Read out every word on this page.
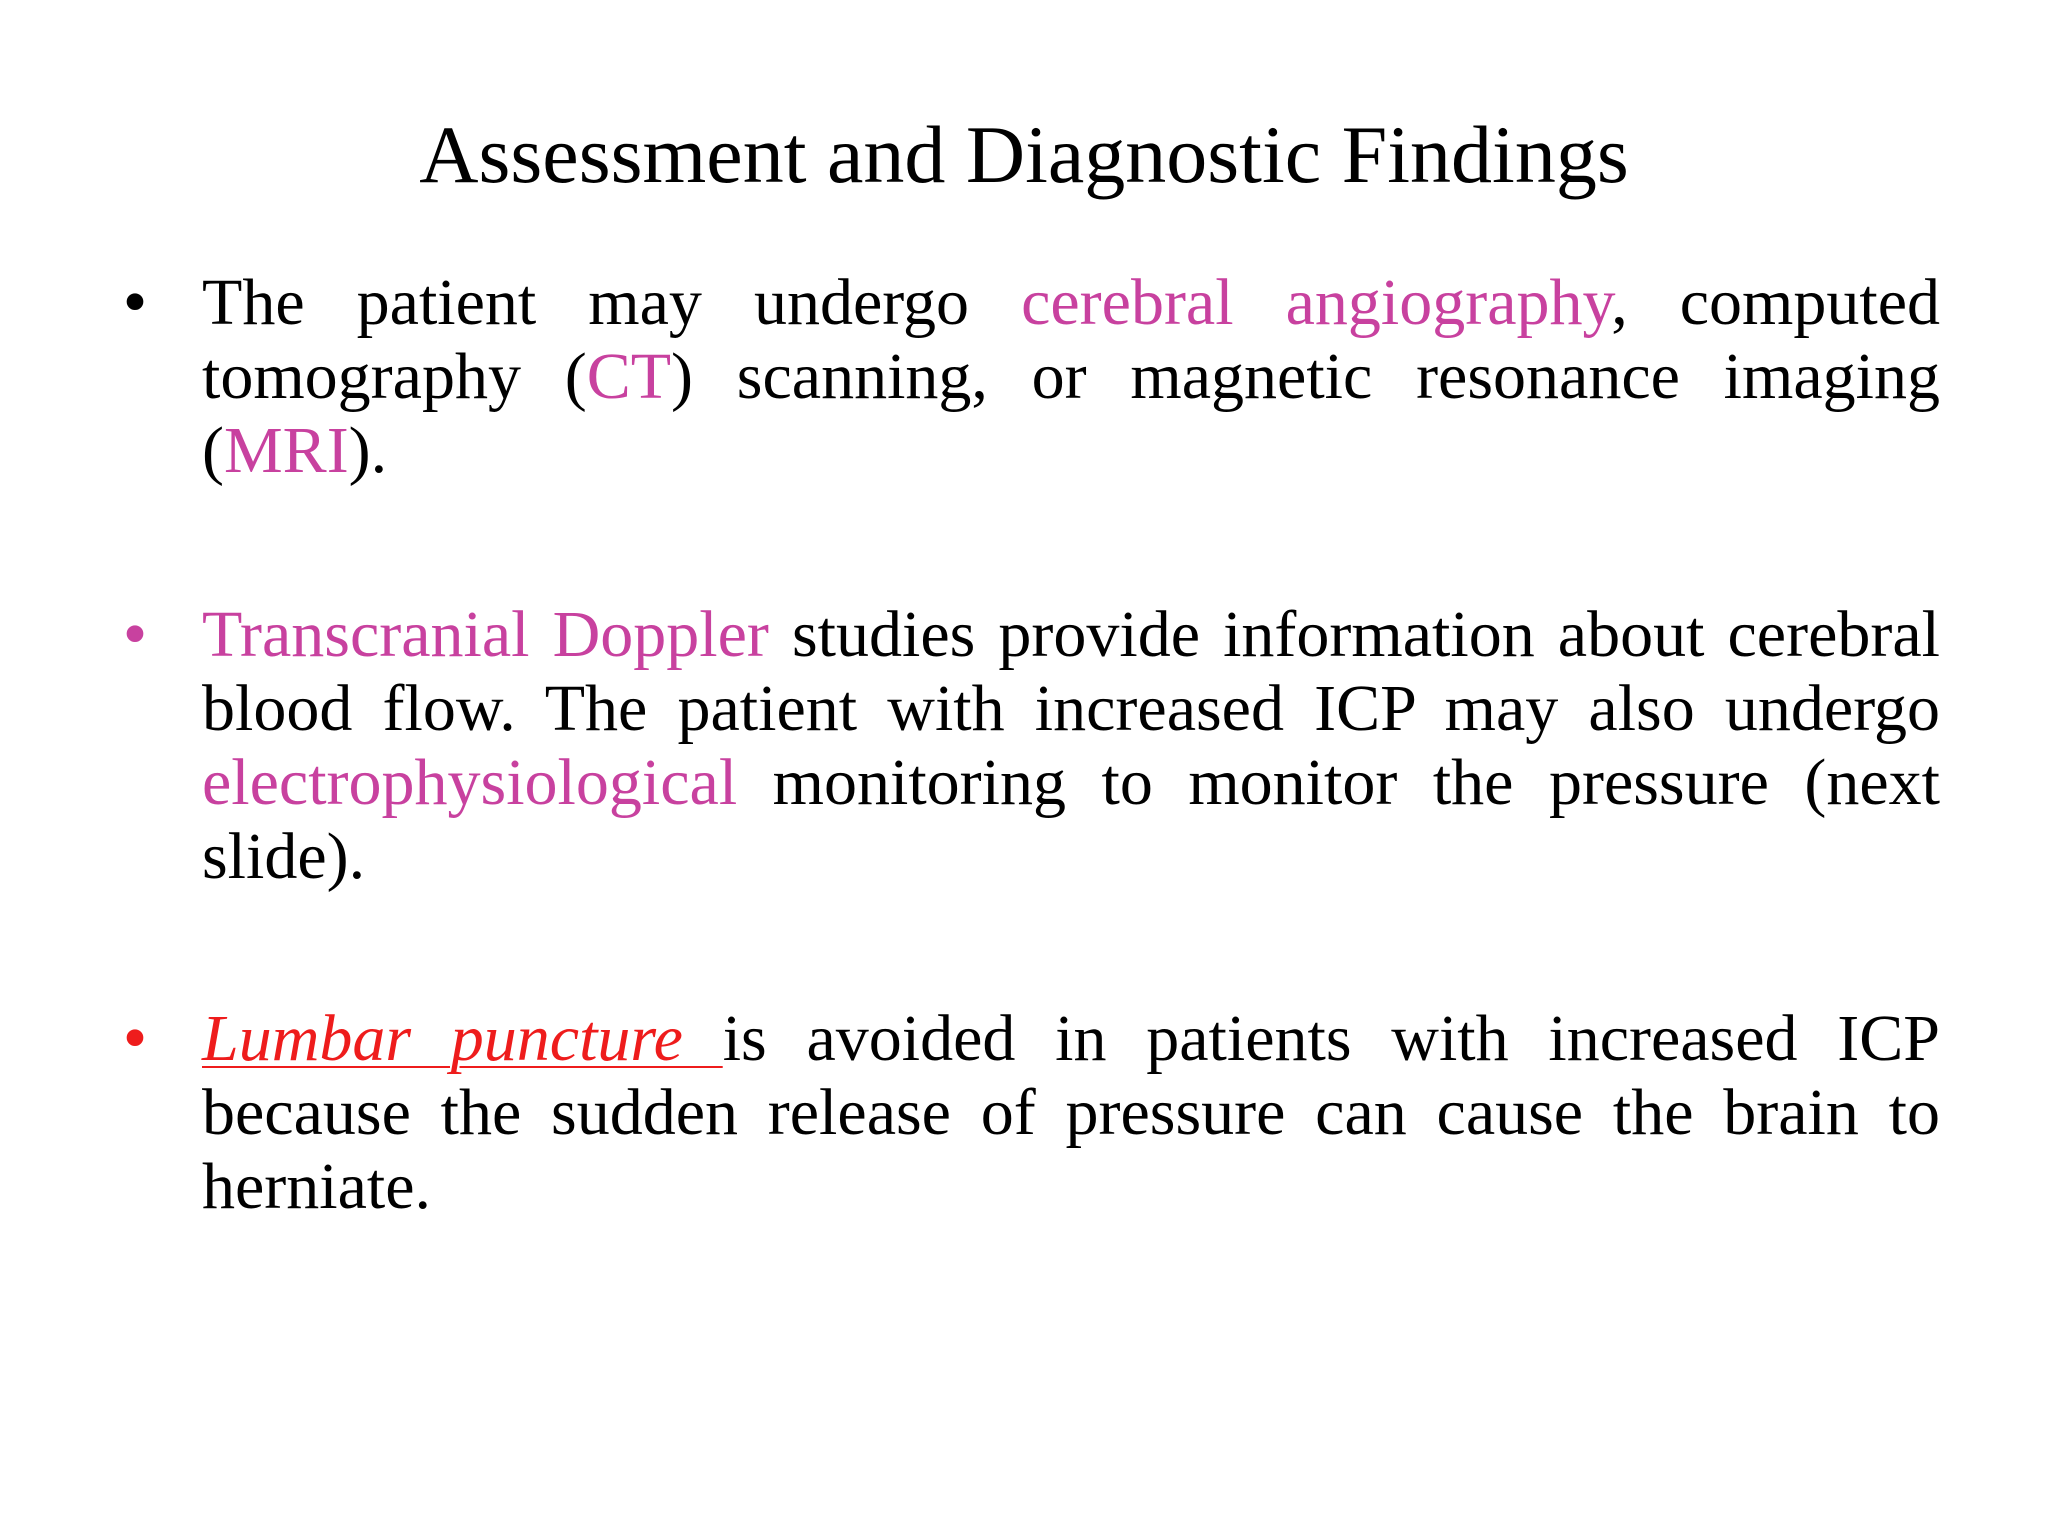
Assessment and Diagnostic Findings
• The patient may undergo cerebral angiography, computed tomography (CT) scanning, or magnetic resonance imaging (MRI).
• Transcranial Doppler studies provide information about cerebral blood flow. The patient with increased ICP may also undergo electrophysiological monitoring to monitor the pressure (next slide).
• Lumbar puncture is avoided in patients with increased ICP because the sudden release of pressure can cause the brain to herniate.
